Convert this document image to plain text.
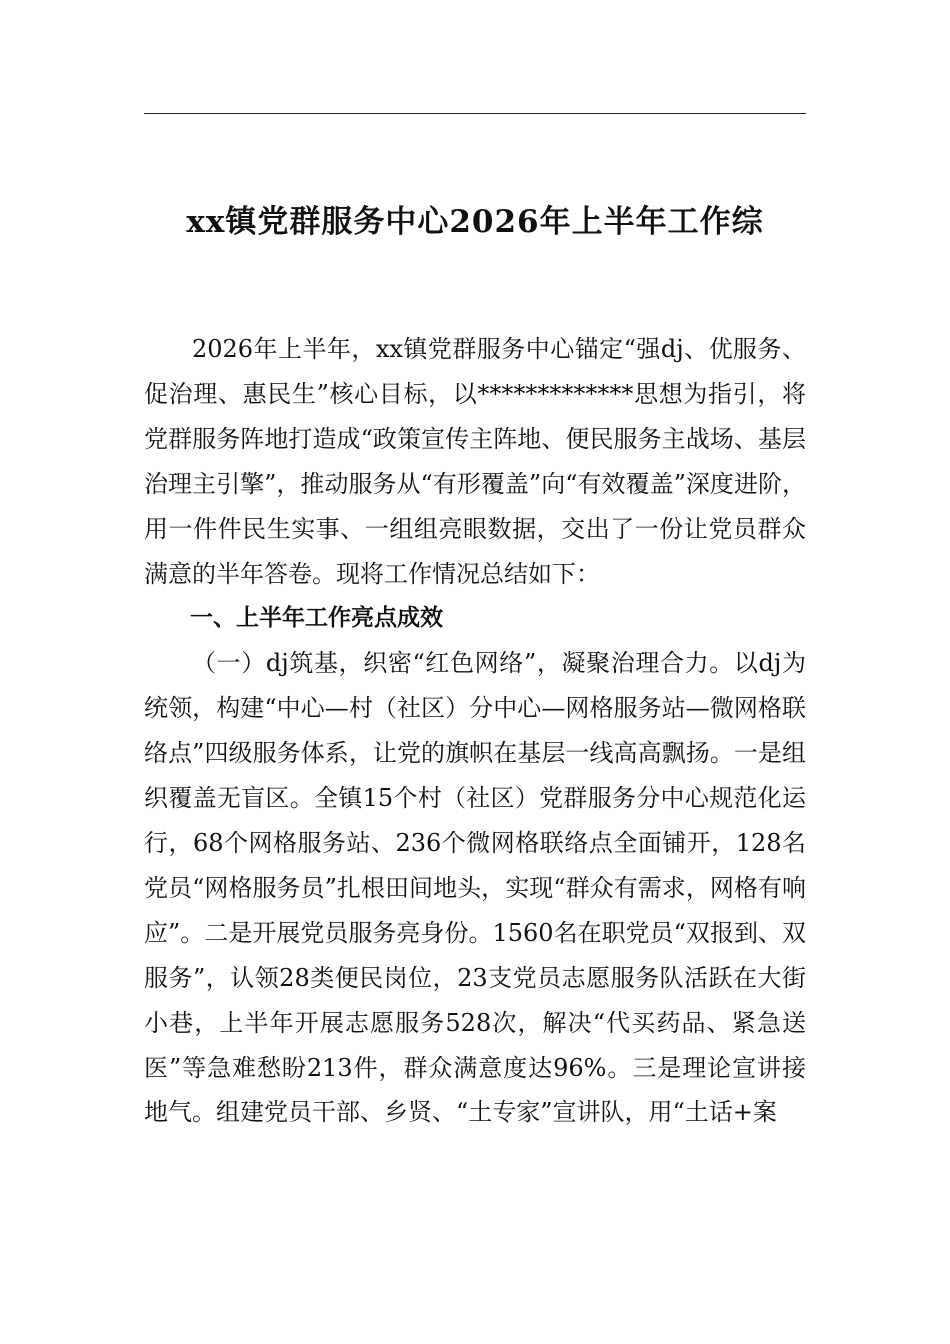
xx镇党群服务中心2026年上半年工作综

2026年上半年，xx镇党群服务中心锚定“强dj、优服务、促治理、惠民生”核心目标，以*************思想为指引，将党群服务阵地打造成“政策宣传主阵地、便民服务主战场、基层治理主引擎”，推动服务从“有形覆盖”向“有效覆盖”深度进阶，用一件件民生实事、一组组亮眼数据，交出了一份让党员群众满意的半年答卷。现将工作情况总结如下：

一、上半年工作亮点成效

（一）dj筑基，织密“红色网络”，凝聚治理合力。以dj为统领，构建“中心—村（社区）分中心—网格服务站—微网格联络点”四级服务体系，让党的旗帜在基层一线高高飘扬。一是组织覆盖无盲区。全镇15个村（社区）党群服务分中心规范化运行，68个网格服务站、236个微网格联络点全面铺开，128名党员“网格服务员”扎根田间地头，实现“群众有需求，网格有响应”。二是开展党员服务亮身份。1560名在职党员“双报到、双服务”，认领28类便民岗位，23支党员志愿服务队活跃在大街小巷，上半年开展志愿服务528次，解决“代买药品、紧急送医”等急难愁盼213件，群众满意度达96%。三是理论宣讲接地气。组建党员干部、乡贤、“土专家”宣讲队，用“土话+案
